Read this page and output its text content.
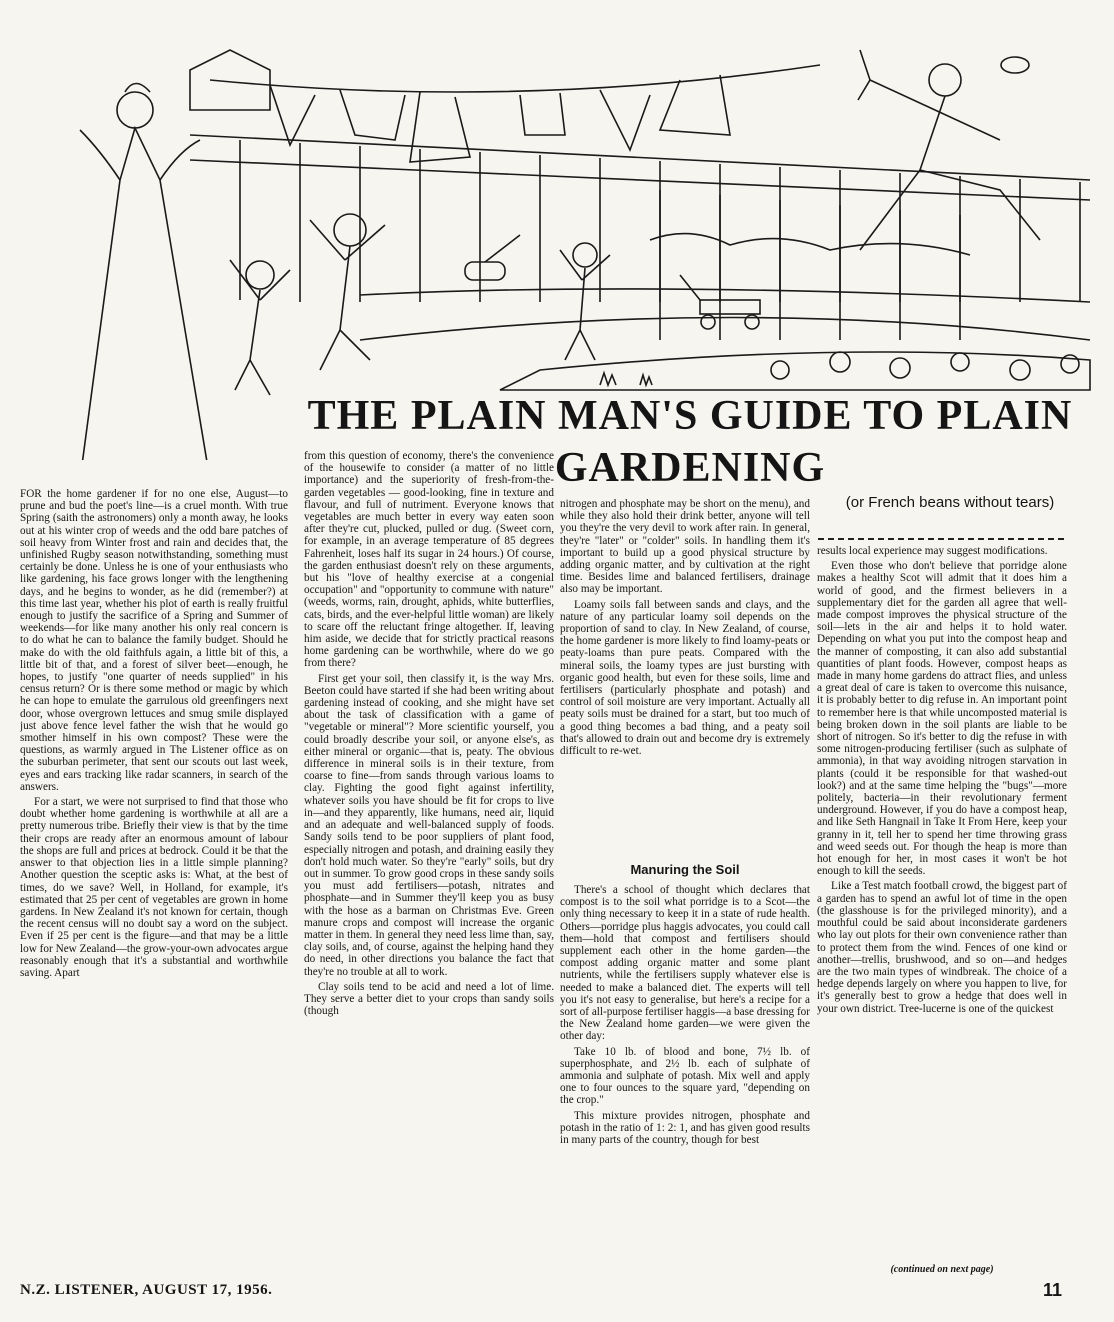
THE PLAIN MAN'S GUIDE TO PLAIN GARDENING

(or French beans without tears)

FOR the home gardener if for no one else, August—to prune and bud the poet's line—is a cruel month. With true Spring (saith the astronomers) only a month away, he looks out at his winter crop of weeds and the odd bare patches of soil heavy from Winter frost and rain and decides that, the unfinished Rugby season notwithstanding, something must certainly be done. Unless he is one of your enthusiasts who like gardening, his face grows longer with the lengthening days, and he begins to wonder, as he did (remember?) at this time last year, whether his plot of earth is really fruitful enough to justify the sacrifice of a Spring and Summer of weekends—for like many another his only real concern is to do what he can to balance the family budget. Should he make do with the old faithfuls again, a little bit of this, a little bit of that, and a forest of silver beet—enough, he hopes, to justify "one quarter of needs supplied" in his census return? Or is there some method or magic by which he can hope to emulate the garrulous old greenfingers next door, whose overgrown lettuces and smug smile displayed just above fence level father the wish that he would go smother himself in his own compost? These were the questions, as warmly argued in The Listener office as on the suburban perimeter, that sent our scouts out last week, eyes and ears tracking like radar scanners, in search of the answers.

For a start, we were not surprised to find that those who doubt whether home gardening is worthwhile at all are a pretty numerous tribe. Briefly their view is that by the time their crops are ready after an enormous amount of labour the shops are full and prices at bedrock. Could it be that the answer to that objection lies in a little simple planning? Another question the sceptic asks is: What, at the best of times, do we save? Well, in Holland, for example, it's estimated that 25 per cent of vegetables are grown in home gardens. In New Zealand it's not known for certain, though the recent census will no doubt say a word on the subject. Even if 25 per cent is the figure—and that may be a little low for New Zealand—the grow-your-own advocates argue reasonably enough that it's a substantial and worthwhile saving. Apart

from this question of economy, there's the convenience of the housewife to consider (a matter of no little importance) and the superiority of fresh-from-the-garden vegetables — good-looking, fine in texture and flavour, and full of nutriment. Everyone knows that vegetables are much better in every way eaten soon after they're cut, plucked, pulled or dug. (Sweet corn, for example, in an average temperature of 85 degrees Fahrenheit, loses half its sugar in 24 hours.) Of course, the garden enthusiast doesn't rely on these arguments, but his "love of healthy exercise at a congenial occupation" and "opportunity to commune with nature" (weeds, worms, rain, drought, aphids, white butterflies, cats, birds, and the ever-helpful little woman) are likely to scare off the reluctant fringe altogether. If, leaving him aside, we decide that for strictly practical reasons home gardening can be worthwhile, where do we go from there?

First get your soil, then classify it, is the way Mrs. Beeton could have started if she had been writing about gardening instead of cooking, and she might have set about the task of classification with a game of "vegetable or mineral"? More scientific yourself, you could broadly describe your soil, or anyone else's, as either mineral or organic—that is, peaty. The obvious difference in mineral soils is in their texture, from coarse to fine—from sands through various loams to clay. Fighting the good fight against infertility, whatever soils you have should be fit for crops to live in—and they apparently, like humans, need air, liquid and an adequate and well-balanced supply of foods. Sandy soils tend to be poor suppliers of plant food, especially nitrogen and potash, and draining easily they don't hold much water. So they're "early" soils, but dry out in summer. To grow good crops in these sandy soils you must add fertilisers—potash, nitrates and phosphate—and in Summer they'll keep you as busy with the hose as a barman on Christmas Eve. Green manure crops and compost will increase the organic matter in them. In general they need less lime than, say, clay soils, and, of course, against the helping hand they do need, in other directions you balance the fact that they're no trouble at all to work.

Clay soils tend to be acid and need a lot of lime. They serve a better diet to your crops than sandy soils (though

nitrogen and phosphate may be short on the menu), and while they also hold their drink better, anyone will tell you they're the very devil to work after rain. In general, they're "later" or "colder" soils. In handling them it's important to build up a good physical structure by adding organic matter, and by cultivation at the right time. Besides lime and balanced fertilisers, drainage also may be important.

Loamy soils fall between sands and clays, and the nature of any particular loamy soil depends on the proportion of sand to clay. In New Zealand, of course, the home gardener is more likely to find loamy-peats or peaty-loams than pure peats. Compared with the mineral soils, the loamy types are just bursting with organic good health, but even for these soils, lime and fertilisers (particularly phosphate and potash) and control of soil moisture are very important. Actually all peaty soils must be drained for a start, but too much of a good thing becomes a bad thing, and a peaty soil that's allowed to drain out and become dry is extremely difficult to re-wet.

Manuring the Soil

There's a school of thought which declares that compost is to the soil what porridge is to a Scot—the only thing necessary to keep it in a state of rude health. Others—porridge plus haggis advocates, you could call them—hold that compost and fertilisers should supplement each other in the home garden—the compost adding organic matter and some plant nutrients, while the fertilisers supply whatever else is needed to make a balanced diet. The experts will tell you it's not easy to generalise, but here's a recipe for a sort of all-purpose fertiliser haggis—a base dressing for the New Zealand home garden—we were given the other day:

Take 10 lb. of blood and bone, 7½ lb. of superphosphate, and 2½ lb. each of sulphate of ammonia and sulphate of potash. Mix well and apply one to four ounces to the square yard, "depending on the crop."

This mixture provides nitrogen, phosphate and potash in the ratio of 1: 2: 1, and has given good results in many parts of the country, though for best

results local experience may suggest modifications.

Even those who don't believe that porridge alone makes a healthy Scot will admit that it does him a world of good, and the firmest believers in a supplementary diet for the garden all agree that well-made compost improves the physical structure of the soil—lets in the air and helps it to hold water. Depending on what you put into the compost heap and the manner of composting, it can also add substantial quantities of plant foods. However, compost heaps as made in many home gardens do attract flies, and unless a great deal of care is taken to overcome this nuisance, it is probably better to dig refuse in. An important point to remember here is that while uncomposted material is being broken down in the soil plants are liable to be short of nitrogen. So it's better to dig the refuse in with some nitrogen-producing fertiliser (such as sulphate of ammonia), in that way avoiding nitrogen starvation in plants (could it be responsible for that washed-out look?) and at the same time helping the "bugs"—more politely, bacteria—in their revolutionary ferment underground. However, if you do have a compost heap, and like Seth Hangnail in Take It From Here, keep your granny in it, tell her to spend her time throwing grass and weed seeds out. For though the heap is more than hot enough for her, in most cases it won't be hot enough to kill the seeds.

Like a Test match football crowd, the biggest part of a garden has to spend an awful lot of time in the open (the glasshouse is for the privileged minority), and a mouthful could be said about inconsiderate gardeners who lay out plots for their own convenience rather than to protect them from the wind. Fences of one kind or another—trellis, brushwood, and so on—and hedges are the two main types of windbreak. The choice of a hedge depends largely on where you happen to live, for it's generally best to grow a hedge that does well in your own district. Tree-lucerne is one of the quickest

(continued on next page)

N.Z. LISTENER, AUGUST 17, 1956.	11
